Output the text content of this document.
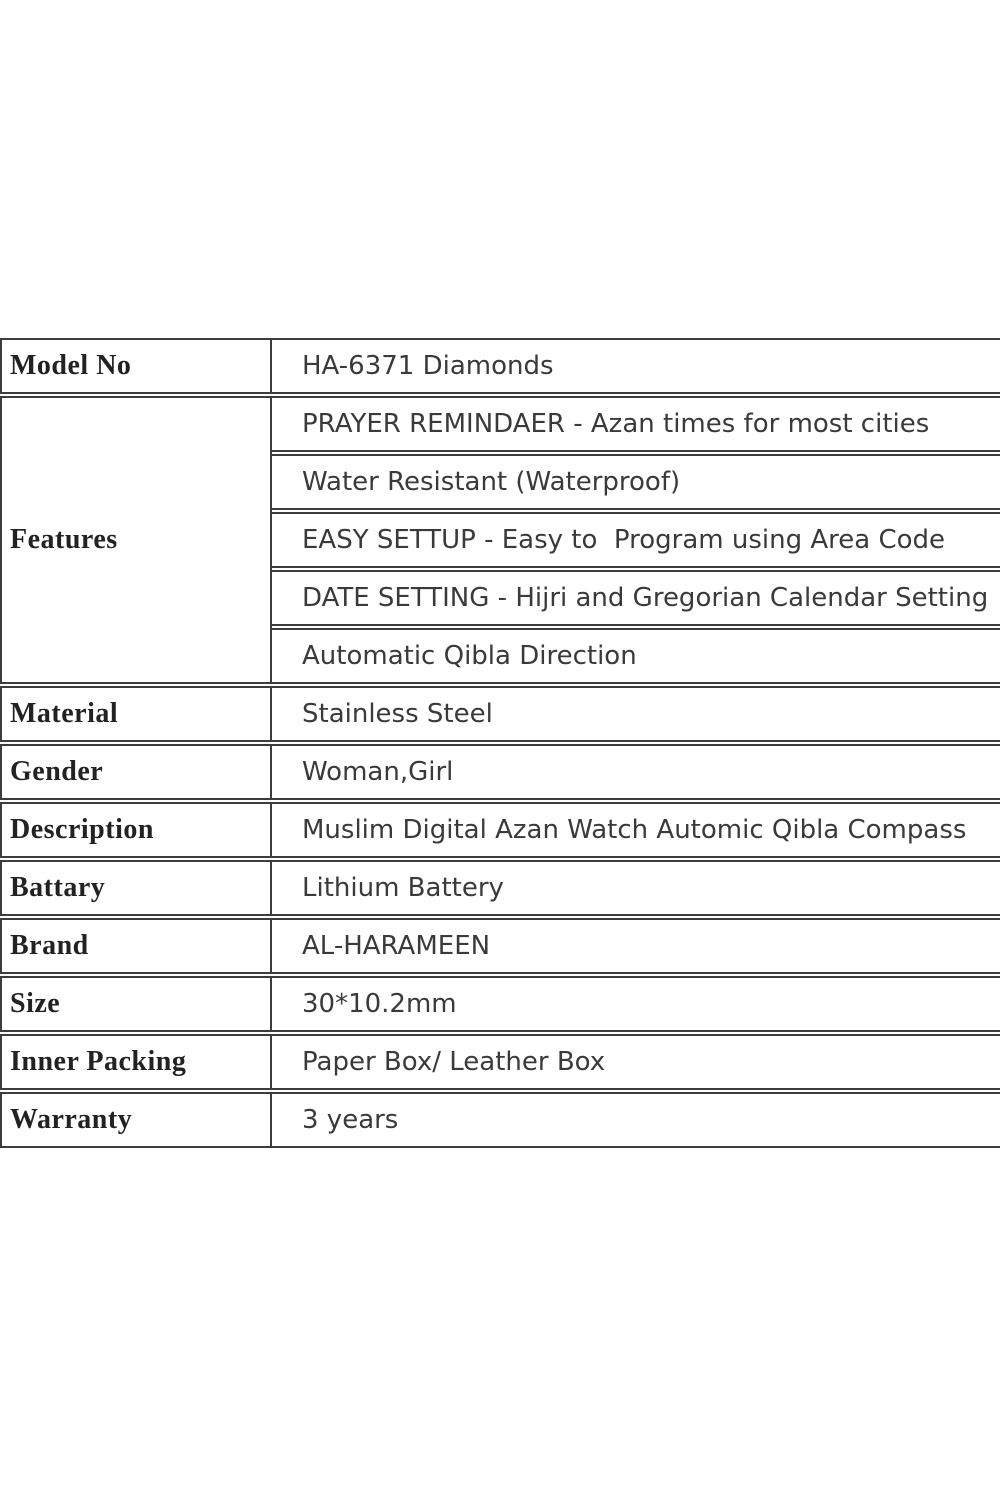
Model No	HA-6371 Diamonds
Features	PRAYER REMINDAER - Azan times for most cities
	Water Resistant (Waterproof)
	EASY SETTUP - Easy to  Program using Area Code
	DATE SETTING - Hijri and Gregorian Calendar Setting
	Automatic Qibla Direction
Material	Stainless Steel
Gender	Woman,Girl
Description	Muslim Digital Azan Watch Automic Qibla Compass
Battary	Lithium Battery
Brand	AL-HARAMEEN
Size	30*10.2mm
Inner Packing	Paper Box/ Leather Box
Warranty	3 years
